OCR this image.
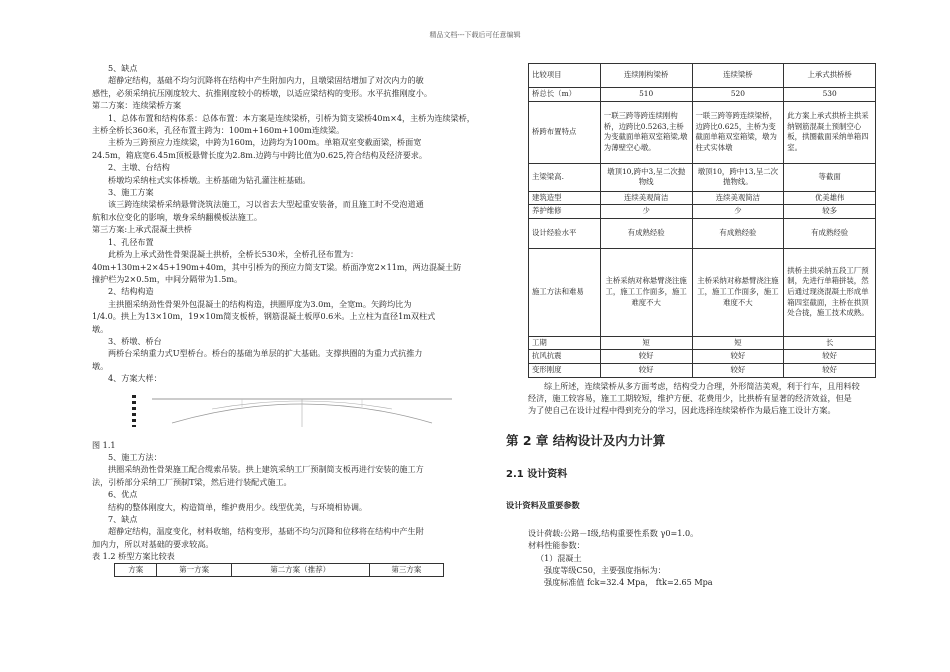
精品文档---下载后可任意编辑

5、缺点

超静定结构，基础不均匀沉降将在结构中产生附加内力，且墩梁固结增加了对次内力的敏

感性，必须采纳抗压刚度较大、抗推刚度较小的桥墩，以适应梁结构的变形。水平抗推刚度小。

第二方案：连续梁桥方案

1、总体布置和结构体系：总体布置：本方案是连续梁桥，引桥为简支梁桥40m×4，主桥为连续梁桥，

主桥全桥长360米，孔径布置主跨为：100m+160m+100m连续梁。

主桥为三跨预应力连续梁，中跨为160m，边跨均为100m。单箱双室变截面梁，桥面宽

24.5m，箱底宽6.45m顶板悬臂长度为2.8m.边跨与中跨比值为0.625,符合结构及经济要求。

2、主墩、台结构

桥墩均采纳柱式实体桥墩。主桥基础为钻孔灌注桩基础。

3、施工方案

该三跨连续梁桥采纳悬臂浇筑法施工，习以省去大型起重安装备，而且施工时不受泡道通

航和水位变化的影响，墩身采纳翻模板法施工。

第三方案:上承式混凝土拱桥

1、孔径布置

此桥为上承式劲性骨架混凝土拱桥，全桥长530米，全桥孔径布置为：

40m+130m+2×45+190m+40m，其中引桥为的预应力简支T梁。桥面净宽2×11m，两边混凝土防

撞护栏为2×0.5m，中间分隔带为1.5m。

2、结构构造

主拱圈采纳劲性骨架外包混凝土的结构构造，拱圈厚度为3.0m，全宽m。矢跨均比为

1/4.0。拱上为13×10m，19×10m简支板桥，钢筋混凝土板厚0.6米。上立柱为直径1m双柱式

墩。

3、桥墩、桥台

两桥台采纳重力式U型桥台。桥台的基础为单层的扩大基础。支撑拱圈的为重力式抗推力

墩。

4、方案大样：

图 1.1

5、施工方法：

拱圈采纳劲性骨架施工配合缆索吊装。拱上建筑采纳工厂预制简支板再进行安装的施工方

法，引桥部分采纳工厂预制T梁，然后进行装配式施工。

6、优点

结构的整体刚度大，构造简单，维护费用少。线型优美，与环境相协调。

7、缺点

超静定结构，温度变化，材料收缩，结构变形，基础不均匀沉降和位移将在结构中产生附

加内力，所以对基础的要求较高。

表 1.2 桥型方案比较表

方案	第一方案	第二方案（推荐）	第三方案
比较项目	连续刚构梁桥	连续梁桥	上承式拱桥桥
桥总长（m）	510	520	530
桥跨布置特点	一联三跨等跨连续刚构桥，边跨比0.5263,主桥为变截面单箱双室箱梁,墩为薄壁空心墩。	一联三跨等跨连续梁桥，边跨比0.625，主桥为变截面单箱双室箱梁，墩为柱式实体墩	此方案上承式拱桥主拱采纳钢筋混凝土预制空心板，拱圈截面采纳单箱四室。
主梁梁高.	墩顶10,跨中3,呈二次抛物线	墩顶10，跨中13,呈二次抛物线。	等截面
建筑造型	连续美观简洁	连续美观简洁	优美雄伟
养护维修	少	少	较多
设计经验水平	有成熟经验	有成熟经验	有成熟经验
施工方法和难易	主桥采纳对称悬臂浇注施工，施工工作面多，施工难度不大	主桥采纳对称悬臂浇注施工，施工工作面多，施工难度不大	拱桥主拱采纳五段工厂预制，先进行单箱拼装，然后通过现浇混凝土形成单箱四室截面，主桥在拱顶处合拢，施工技术成熟。
工期	短	短	长
抗风抗震	较好	较好	较好
变形刚度	较好	较好	较好

综上所述，连续梁桥从多方面考虑，结构受力合理，外形简洁美观，利于行车，且用料较

经济，施工较容易，施工工期较短，维护方便、花费用少，比拱桥有显著的经济效益，但是

为了使自己在设计过程中得到充分的学习，因此选择连续梁桥作为最后施工设计方案。

第 2 章 结构设计及内力计算
2.1 设计资料
设计资料及重要参数

设计荷载:公路－Ⅰ级,结构重要性系数 γ0=1.0。

材料性能参数：

（1）混凝土

强度等级C50，主要强度指标为：

强度标准值 fck=32.4 Mpa， ftk=2.65 Mpa
